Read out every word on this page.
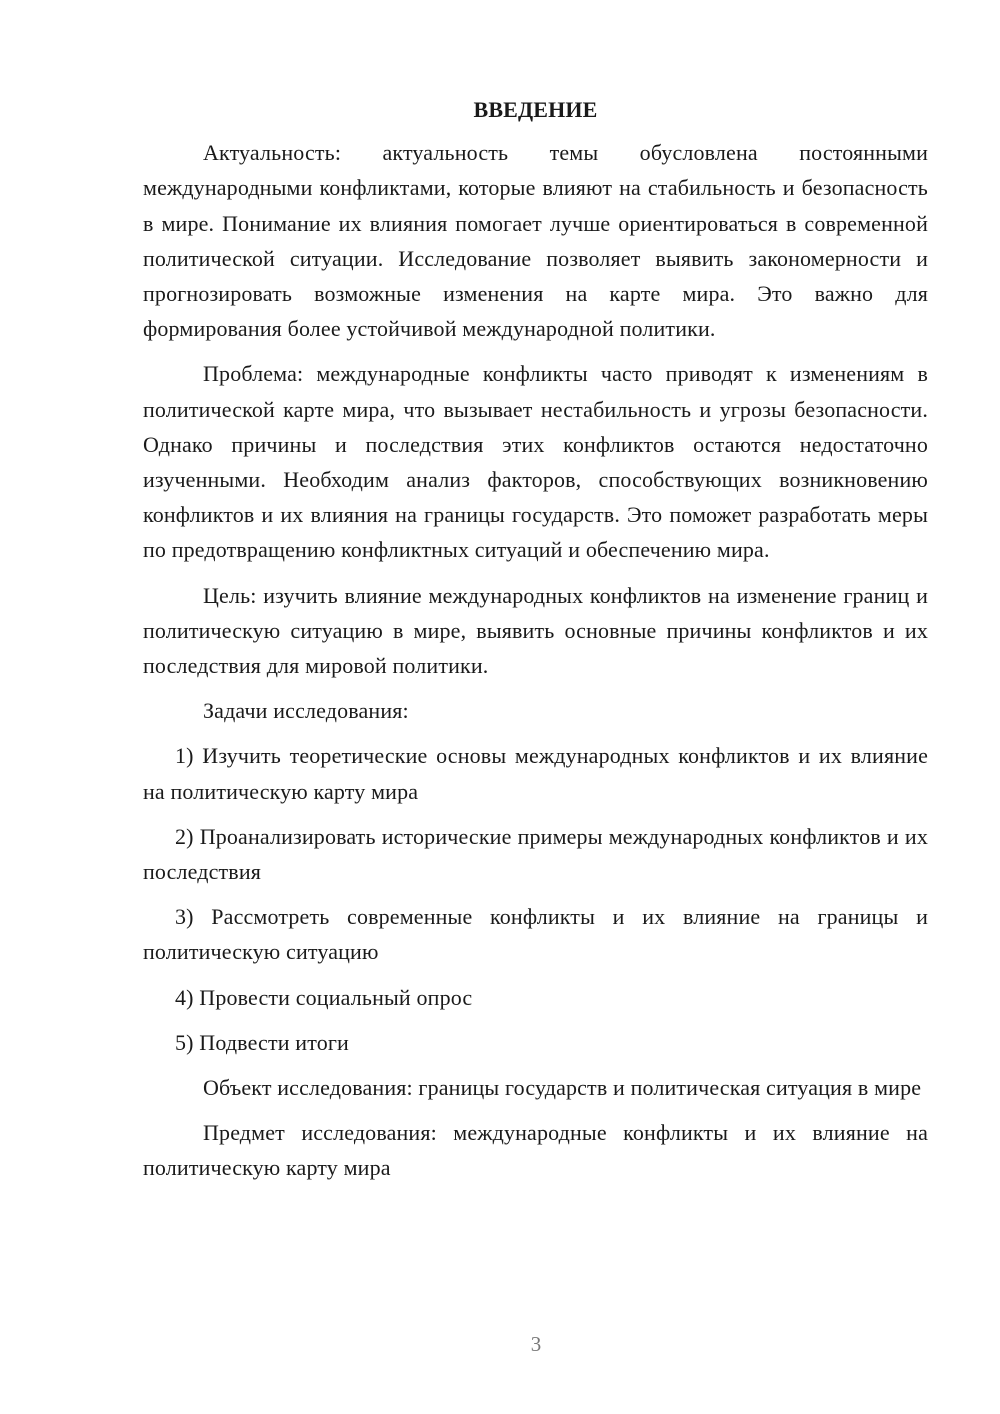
ВВЕДЕНИЕ

Актуальность: актуальность темы обусловлена постоянными международными конфликтами, которые влияют на стабильность и безопасность в мире. Понимание их влияния помогает лучше ориентироваться в современной политической ситуации. Исследование позволяет выявить закономерности и прогнозировать возможные изменения на карте мира. Это важно для формирования более устойчивой международной политики.

Проблема: международные конфликты часто приводят к изменениям в политической карте мира, что вызывает нестабильность и угрозы безопасности. Однако причины и последствия этих конфликтов остаются недостаточно изученными. Необходим анализ факторов, способствующих возникновению конфликтов и их влияния на границы государств. Это поможет разработать меры по предотвращению конфликтных ситуаций и обеспечению мира.

Цель: изучить влияние международных конфликтов на изменение границ и политическую ситуацию в мире, выявить основные причины конфликтов и их последствия для мировой политики.

Задачи исследования:

1) Изучить теоретические основы международных конфликтов и их влияние на политическую карту мира

2) Проанализировать исторические примеры международных конфликтов и их последствия

3) Рассмотреть современные конфликты и их влияние на границы и политическую ситуацию

4) Провести социальный опрос

5) Подвести итоги

Объект исследования: границы государств и политическая ситуация в мире

Предмет исследования: международные конфликты и их влияние на политическую карту мира

3
